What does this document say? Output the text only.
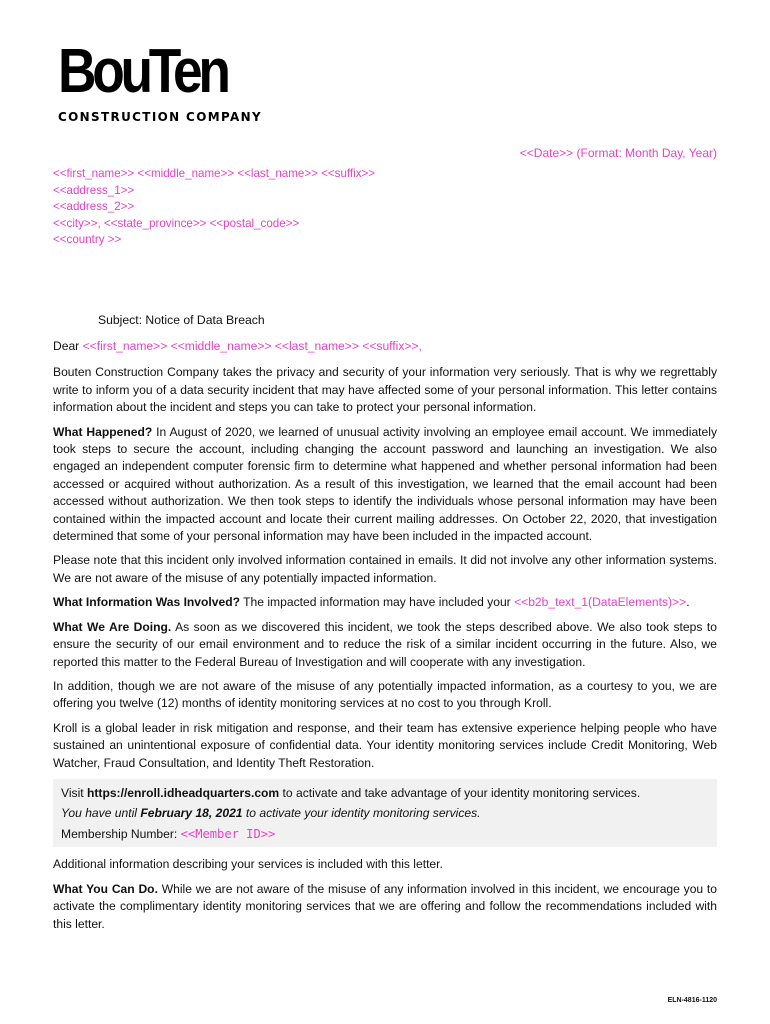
BouTen
CONSTRUCTION COMPANY
<<Date>> (Format: Month Day, Year)
<<first_name>> <<middle_name>> <<last_name>> <<suffix>>
<<address_1>>
<<address_2>>
<<city>>, <<state_province>> <<postal_code>>
<<country >>
Subject: Notice of Data Breach

Dear <<first_name>> <<middle_name>> <<last_name>> <<suffix>>,

Bouten Construction Company takes the privacy and security of your information very seriously. That is why we regrettably write to inform you of a data security incident that may have affected some of your personal information. This letter contains information about the incident and steps you can take to protect your personal information.

What Happened? In August of 2020, we learned of unusual activity involving an employee email account. We immediately took steps to secure the account, including changing the account password and launching an investigation. We also engaged an independent computer forensic firm to determine what happened and whether personal information had been accessed or acquired without authorization. As a result of this investigation, we learned that the email account had been accessed without authorization. We then took steps to identify the individuals whose personal information may have been contained within the impacted account and locate their current mailing addresses. On October 22, 2020, that investigation determined that some of your personal information may have been included in the impacted account.

Please note that this incident only involved information contained in emails. It did not involve any other information systems. We are not aware of the misuse of any potentially impacted information.

What Information Was Involved? The impacted information may have included your <<b2b_text_1(DataElements)>>.

What We Are Doing. As soon as we discovered this incident, we took the steps described above. We also took steps to ensure the security of our email environment and to reduce the risk of a similar incident occurring in the future. Also, we reported this matter to the Federal Bureau of Investigation and will cooperate with any investigation.

In addition, though we are not aware of the misuse of any potentially impacted information, as a courtesy to you, we are offering you twelve (12) months of identity monitoring services at no cost to you through Kroll.

Kroll is a global leader in risk mitigation and response, and their team has extensive experience helping people who have sustained an unintentional exposure of confidential data. Your identity monitoring services include Credit Monitoring, Web Watcher, Fraud Consultation, and Identity Theft Restoration.

Visit https://enroll.idheadquarters.com to activate and take advantage of your identity monitoring services.
You have until February 18, 2021 to activate your identity monitoring services.
Membership Number: <<Member ID>>

Additional information describing your services is included with this letter.

What You Can Do. While we are not aware of the misuse of any information involved in this incident, we encourage you to activate the complimentary identity monitoring services that we are offering and follow the recommendations included with this letter.

ELN-4816-1120
